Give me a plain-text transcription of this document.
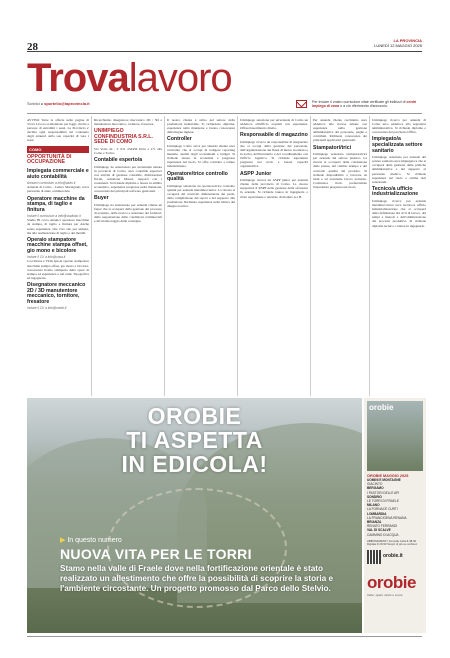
28
LA PROVINCIA
LUNEDÌ 12 MAGGIO 2025
Trovalavoro
Scrivici a sportello@laprovincia.it	Per inviare il vostro curriculum vitae verificate gli indirizzi di centri impiego di zona o a ciò riferimento d'annuncio.

AVVISO Tutte le offerte nelle pagine di Trova Lavoro si intendono per leggi, rivolte a persone di entrambi i sessi. La Provincia e' declina ogni responsabilità sul contenuto degli annunci sulla sua capacità di vere i sessi.

COMO
OPPORTUNITÀ DI OCCUPAZIONE
Impiegata commerciale e aiuto contabilità
Annunci curriculum a info@aiuto.it

Azienda di Como - Centro Mariagrade cerca personale di aiuto commerciale.

Operatore macchine da stampa, di taglio e finitura
Inviare il curriculum a info@studiobc.it

Studio Bi cerca annunci operatore macchine da stampa, di taglio e finitura per Anche senza esperienza. Ore vivo sito per sempre, ma alla realizzazione di taglio e dei metalli.

Operaio stampatore macchine stampa offset, gio mono e bicolore
Inviare il CV a info@casa.it

Cocchicera e Virlis Quota operaio stampatore macchine stampa offset, gio mono e bicolore, conoscenza livello stamperia delle opere di stampa ed esperienza e nel ramo Tipografica ed ingegneria.

Disegnatore meccanico 2D / 3D manutentore meccanico, tornitore, fresatore
Inviare il CV a info@metal.it

Ricerchiamo disegnatore meccanico 2D / 3D e manutentore meccanico, tornitore, fresatore.

UNIMPIEGO CONFINDUSTRIA S.R.L. SEDE DI COMO

Via Volta 44 - T 031 234456 Invia a CV alla Como e Torino

Contabile esperto/a

Unimpiego ha selezionato per un'azienda situata in provincia di Como, un/a contabile esperto/a con attività di gestione contabile, dichiarazioni fiscali, redazione bilanci, rapporti con i consulenti. Si richiede diploma o laurea in ambito economico, esperienza pregressa nella mansione, conoscenza dei principali software gestionali.

Buyer

Unimpiego ha selezionato per azienda cliente un buyer che si occuperà della gestione del processo di acquisto, della ricerca e selezione dei fornitori, della negoziazione delle condizioni commerciali e del monitoraggio delle consegne.

Il nostro cliente è attivo nel settore della produzione industriale. Si richiedono diploma, esperienza nella mansione e buona conoscenza della lingua inglese.

Controller

Unimpiego Como cerca per azienda cliente un/a controller che si occupi di redigere reporting mensile, analisi degli scostamenti e budget. Si richiede laurea in economia e pregressa esperienza nel ruolo. Si offre contratto a tempo indeterminato.

Operatore/trice controllo qualità

Unimpiego seleziona un operatore/trice controllo qualità per azienda metalmeccanica. La risorsa si occuperà del controllo dimensionale dei pezzi, della compilazione dei report e del supporto alla produzione. Richiesta esperienza nella lettura del disegno tecnico.

Unimpiego seleziona per un'azienda di Como un addetto/a all'ufficio acquisti con esperienza. Offresi inserimento diretto.

Responsabile di magazzino

Unimpiego ricerca un responsabile di magazzino che si occupi della gestione del personale, dell'organizzazione dei flussi di merce in entrata e in uscita, dell'inventario e del coordinamento con l'ufficio logistico. Si richiede esperienza pregressa nel ruolo e buone capacità organizzative.

ASPP Junior

Unimpiego ricerca un ASPP junior per azienda cliente della provincia di Como. La risorsa supporterà il RSPP nella gestione della sicurezza in azienda. Si richiede laurea in ingegneria o titolo equivalente e attestato di modulo A e B.

Per azienda cliente cerchiamo un/a addetto/a alle risorse umane con esperienza nella gestione amministrativa del personale, paghe e contributi. Richiesta conoscenza dei principali applicativi gestionali.

Stampatori/trici

Unimpiego seleziona stampatori/trici per azienda del settore plastico. La risorsa si occuperà della conduzione delle presse, del cambio stampo e del controllo qualità del prodotto. Si richiede disponibilità a lavorare su turni e ad eventuale lavoro notturno. Costituisce titolo preferenziale l'esperienza pregressa nel ruolo.

Unimpiego ricerca per azienda di Como un/a addetto/a alla segreteria amministrativa. Si richiede diploma e conoscenza del pacchetto Office.

Impiegato/a specializzata settore sanitario

Unimpiego seleziona per azienda del settore sanitario un/a impiegato/a che si occuperà della gestione delle pratiche amministrative e del supporto al personale medico. Si richiede esperienza nel ruolo e ottime doti relazionali.

Tecnico/a ufficio industrializzazione

Unimpiego ricerca per azienda metalmeccanica un/a tecnico/a ufficio industrializzazione che si occuperà della definizione dei cicli di lavoro, dei tempi e metodi e dell'ottimizzazione dei processi produttivi. Si richiede diploma tecnico o laurea in ingegneria.

OROBIE
TI ASPETTA
IN EDICOLA!
▶ In questo numero
NUOVA VITA PER LE TORRI
Stamo nella valle di Fraele dove nella fortificazione orientale è stato realizzato un allestimento che offre la possibilità di scoprire la storia e l'ambiente circostante. Un progetto promosso dal Parco dello Stelvio.
orobie
OROBIE MAGGIO 2025
UOMINI E MONTAGNE
GIACINTO
BERGAMO
I PASTORI DELLE API
SONDRIO
LE TORRI DI FRAELE
MILANO
LA FORNACE CURTI
LOMBARDIA
LA FRANCIGENA RENANA
BRIANZA
RENATO FERRANDI
VAL DI SCALVE
CAMMINO DI ACQUA
ABBONAMENTI: Annuale carta € 48,00 Digitale € 29,90 Scopri di più su orobie.it
orobie.it
orobie
Vette, spazi, storie e cuore
